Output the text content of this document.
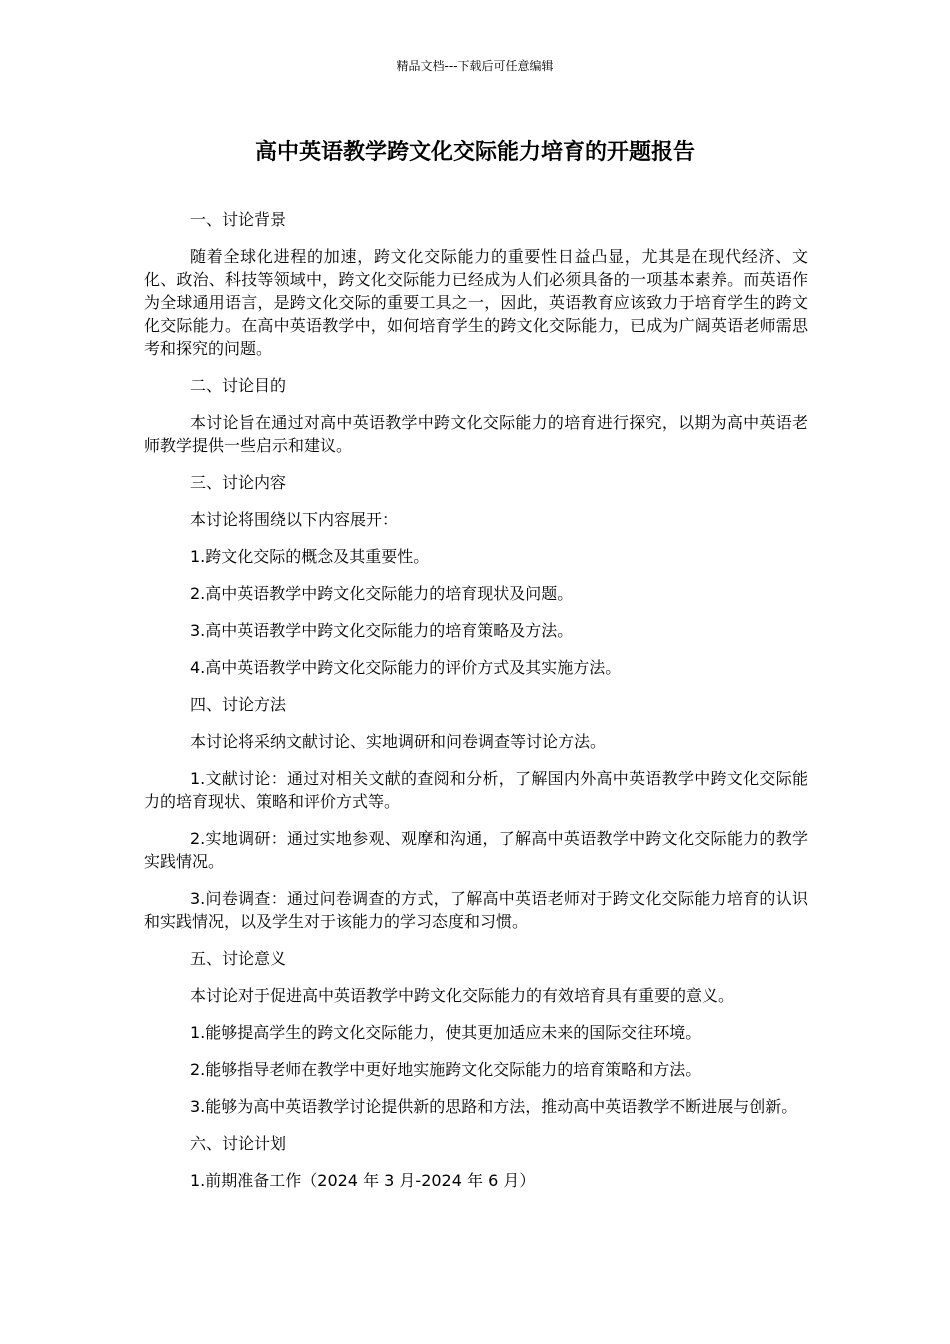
精品文档---下载后可任意编辑
高中英语教学跨文化交际能力培育的开题报告

一、讨论背景

随着全球化进程的加速，跨文化交际能力的重要性日益凸显，尤其是在现代经济、文化、政治、科技等领域中，跨文化交际能力已经成为人们必须具备的一项基本素养。而英语作为全球通用语言，是跨文化交际的重要工具之一，因此，英语教育应该致力于培育学生的跨文化交际能力。在高中英语教学中，如何培育学生的跨文化交际能力，已成为广阔英语老师需思考和探究的问题。

二、讨论目的

本讨论旨在通过对高中英语教学中跨文化交际能力的培育进行探究，以期为高中英语老师教学提供一些启示和建议。

三、讨论内容

本讨论将围绕以下内容展开：

1.跨文化交际的概念及其重要性。

2.高中英语教学中跨文化交际能力的培育现状及问题。

3.高中英语教学中跨文化交际能力的培育策略及方法。

4.高中英语教学中跨文化交际能力的评价方式及其实施方法。

四、讨论方法

本讨论将采纳文献讨论、实地调研和问卷调查等讨论方法。

1.文献讨论：通过对相关文献的查阅和分析，了解国内外高中英语教学中跨文化交际能力的培育现状、策略和评价方式等。

2.实地调研：通过实地参观、观摩和沟通，了解高中英语教学中跨文化交际能力的教学实践情况。

3.问卷调查：通过问卷调查的方式，了解高中英语老师对于跨文化交际能力培育的认识和实践情况，以及学生对于该能力的学习态度和习惯。

五、讨论意义

本讨论对于促进高中英语教学中跨文化交际能力的有效培育具有重要的意义。

1.能够提高学生的跨文化交际能力，使其更加适应未来的国际交往环境。

2.能够指导老师在教学中更好地实施跨文化交际能力的培育策略和方法。

3.能够为高中英语教学讨论提供新的思路和方法，推动高中英语教学不断进展与创新。

六、讨论计划

1.前期准备工作（2024 年 3 月-2024 年 6 月）
